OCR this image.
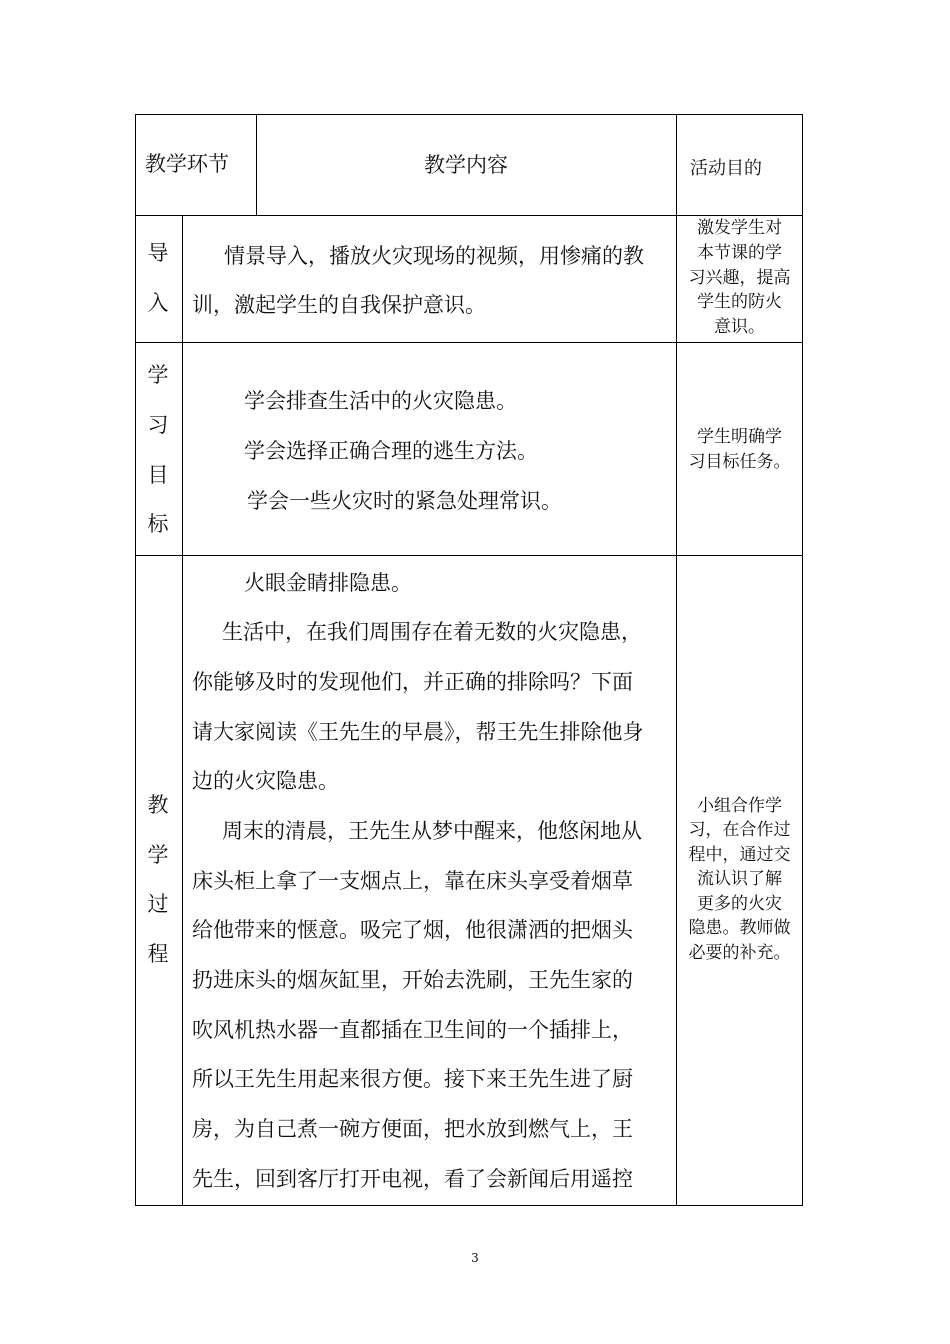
教学环节	教学内容	活动目的
导
入
情景导入，播放火灾现场的视频，用惨痛的教
训，激起学生的自我保护意识。
激发学生对
本节课的学
习兴趣，提高
学生的防火
意识。
学
习
目
标
学会排查生活中的火灾隐患。
学会选择正确合理的逃生方法。
学会一些火灾时的紧急处理常识。
学生明确学
习目标任务。
教
学
过
程
火眼金睛排隐患。
生活中，在我们周围存在着无数的火灾隐患，
你能够及时的发现他们，并正确的排除吗？下面
请大家阅读《王先生的早晨》，帮王先生排除他身
边的火灾隐患。
周末的清晨，王先生从梦中醒来，他悠闲地从
床头柜上拿了一支烟点上，靠在床头享受着烟草
给他带来的惬意。吸完了烟，他很潇洒的把烟头
扔进床头的烟灰缸里，开始去洗刷，王先生家的
吹风机热水器一直都插在卫生间的一个插排上，
所以王先生用起来很方便。接下来王先生进了厨
房，为自己煮一碗方便面，把水放到燃气上，王
先生，回到客厅打开电视，看了会新闻后用遥控
小组合作学
习，在合作过
程中，通过交
流认识了解
更多的火灾
隐患。教师做
必要的补充。
3
